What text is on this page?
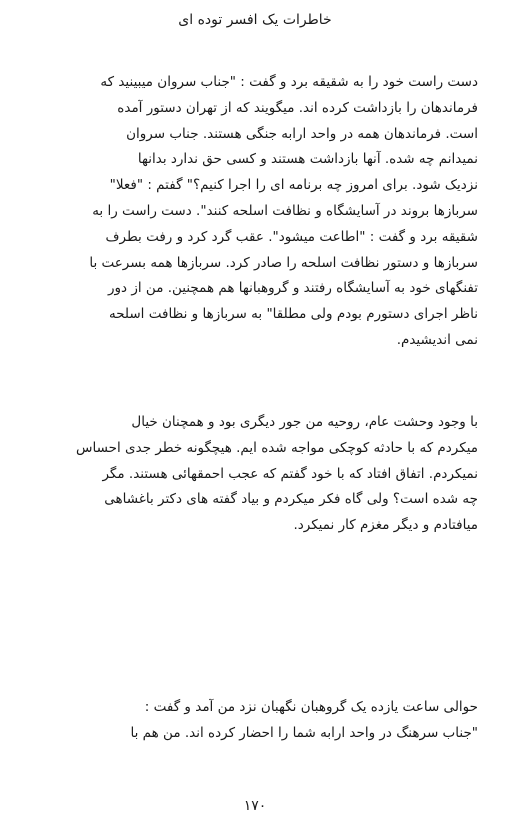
خاطرات یک افسر توده ای

دست راست خود را به شقیقه برد و گفت : "جناب سروان میبینید که
فرماندهان را بازداشت کرده اند. میگویند که از تهران دستور آمده
است. فرماندهان همه در واحد ارابه جنگی هستند. جناب سروان
نمیدانم چه شده. آنها بازداشت هستند و کسی حق ندارد بدانها
نزدیک شود. برای امروز چه برنامه ای را اجرا کنیم؟" گفتم : "فعلا"
سربازها بروند در آسایشگاه و نظافت اسلحه کنند". دست راست را به
شقیقه برد و گفت : "اطاعت میشود". عقب گرد کرد و رفت بطرف
سربازها و دستور نظافت اسلحه را صادر کرد. سربازها همه بسرعت با
تفنگهای خود به آسایشگاه رفتند و گروهبانها هم همچنین. من از دور
ناظر اجرای دستورم بودم ولی مطلقا" به سربازها و نظافت اسلحه
نمی اندیشیدم.

با وجود وحشت عام، روحیه من جور دیگری بود و همچنان خیال
میکردم که با حادثه کوچکی مواجه شده ایم. هیچگونه خطر جدی احساس
نمیکردم. اتفاق افتاد که با خود گفتم که عجب احمقهائی هستند. مگر
چه شده است؟ ولی گاه فکر میکردم و بیاد گفته های دکتر باغشاهی
میافتادم و دیگر مغزم کار نمیکرد.

حوالی ساعت یازده یک گروهبان نگهبان نزد من آمد و گفت :
"جناب سرهنگ در واحد ارابه شما را احضار کرده اند. من هم با

۱۷۰
